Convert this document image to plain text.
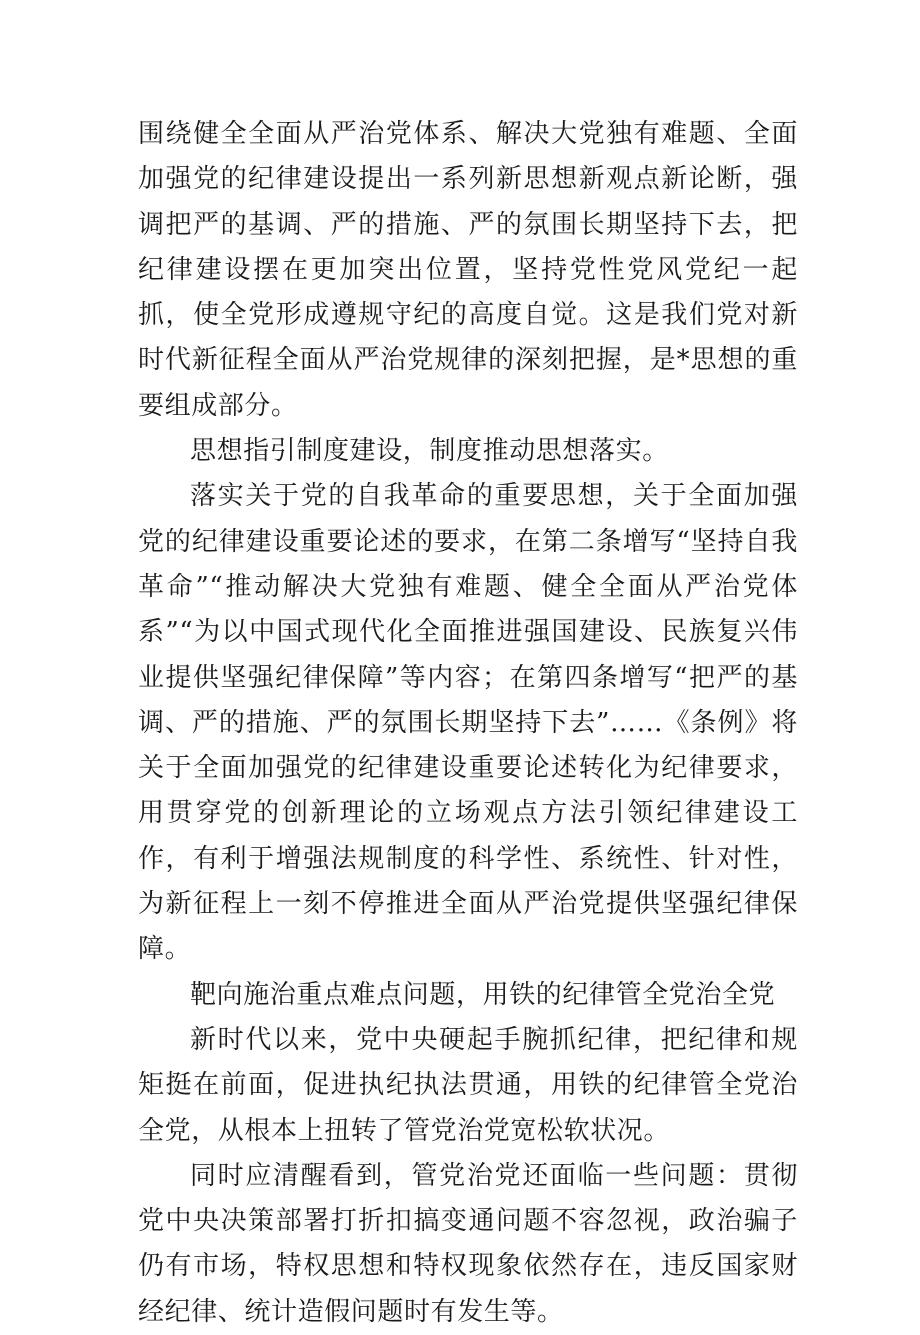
围绕健全全面从严治党体系、解决大党独有难题、全面加强党的纪律建设提出一系列新思想新观点新论断，强调把严的基调、严的措施、严的氛围长期坚持下去，把纪律建设摆在更加突出位置，坚持党性党风党纪一起抓，使全党形成遵规守纪的高度自觉。这是我们党对新时代新征程全面从严治党规律的深刻把握，是*思想的重要组成部分。

思想指引制度建设，制度推动思想落实。

落实关于党的自我革命的重要思想，关于全面加强党的纪律建设重要论述的要求，在第二条增写“坚持自我革命”“推动解决大党独有难题、健全全面从严治党体系”“为以中国式现代化全面推进强国建设、民族复兴伟业提供坚强纪律保障”等内容；在第四条增写“把严的基调、严的措施、严的氛围长期坚持下去”……《条例》将关于全面加强党的纪律建设重要论述转化为纪律要求，用贯穿党的创新理论的立场观点方法引领纪律建设工作，有利于增强法规制度的科学性、系统性、针对性，为新征程上一刻不停推进全面从严治党提供坚强纪律保障。

靶向施治重点难点问题，用铁的纪律管全党治全党

新时代以来，党中央硬起手腕抓纪律，把纪律和规矩挺在前面，促进执纪执法贯通，用铁的纪律管全党治全党，从根本上扭转了管党治党宽松软状况。

同时应清醒看到，管党治党还面临一些问题：贯彻党中央决策部署打折扣搞变通问题不容忽视，政治骗子仍有市场，特权思想和特权现象依然存在，违反国家财经纪律、统计造假问题时有发生等。
